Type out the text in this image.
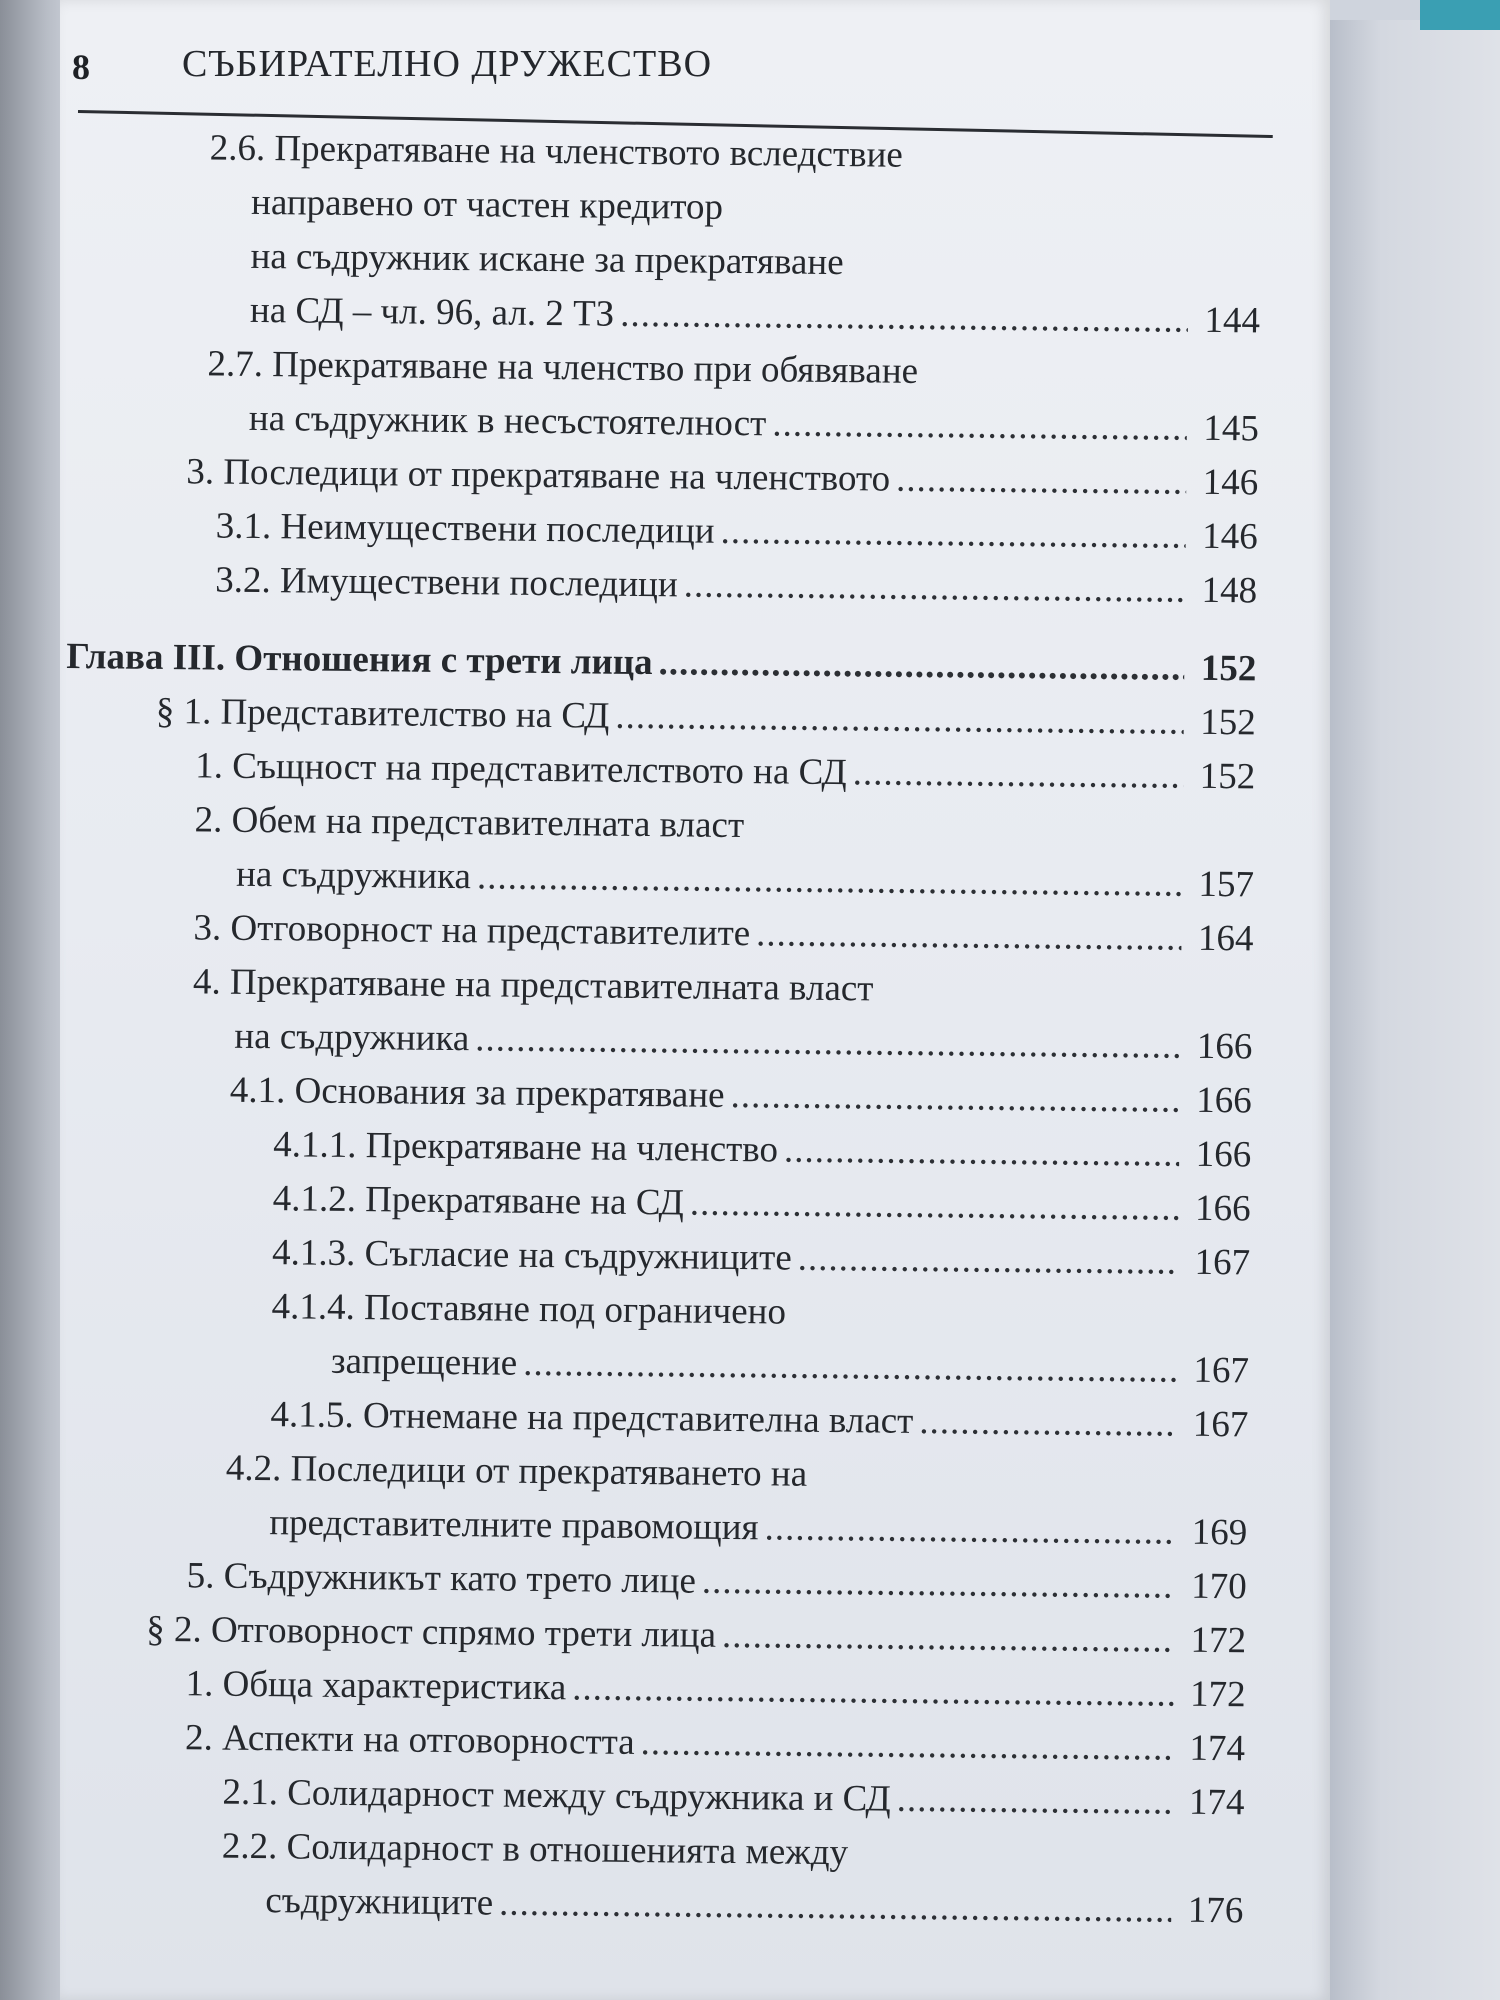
8 СЪБИРАТЕЛНО ДРУЖЕСТВО
2.6. Прекратяване на членството вследствие
направено от частен кредитор
на съдружник искане за прекратяване
на СД – чл. 96, ал. 2 ТЗ .....	144
2.7. Прекратяване на членство при обявяване
на съдружник в несъстоятелност .....	145
3. Последици от прекратяване на членството .....	146
3.1. Неимуществени последици .....	146
3.2. Имуществени последици .....	148
Глава III. Отношения с трети лица .....	152
§ 1. Представителство на СД .....	152
1. Същност на представителството на СД .....	152
2. Обем на представителната власт
на съдружника .....	157
3. Отговорност на представителите .....	164
4. Прекратяване на представителната власт
на съдружника .....	166
4.1. Основания за прекратяване .....	166
4.1.1. Прекратяване на членство .....	166
4.1.2. Прекратяване на СД .....	166
4.1.3. Съгласие на съдружниците .....	167
4.1.4. Поставяне под ограничено
запрещение .....	167
4.1.5. Отнемане на представителна власт .....	167
4.2. Последици от прекратяването на
представителните правомощия .....	169
5. Съдружникът като трето лице .....	170
§ 2. Отговорност спрямо трети лица .....	172
1. Обща характеристика .....	172
2. Аспекти на отговорността .....	174
2.1. Солидарност между съдружника и СД .....	174
2.2. Солидарност в отношенията между
съдружниците .....	176
